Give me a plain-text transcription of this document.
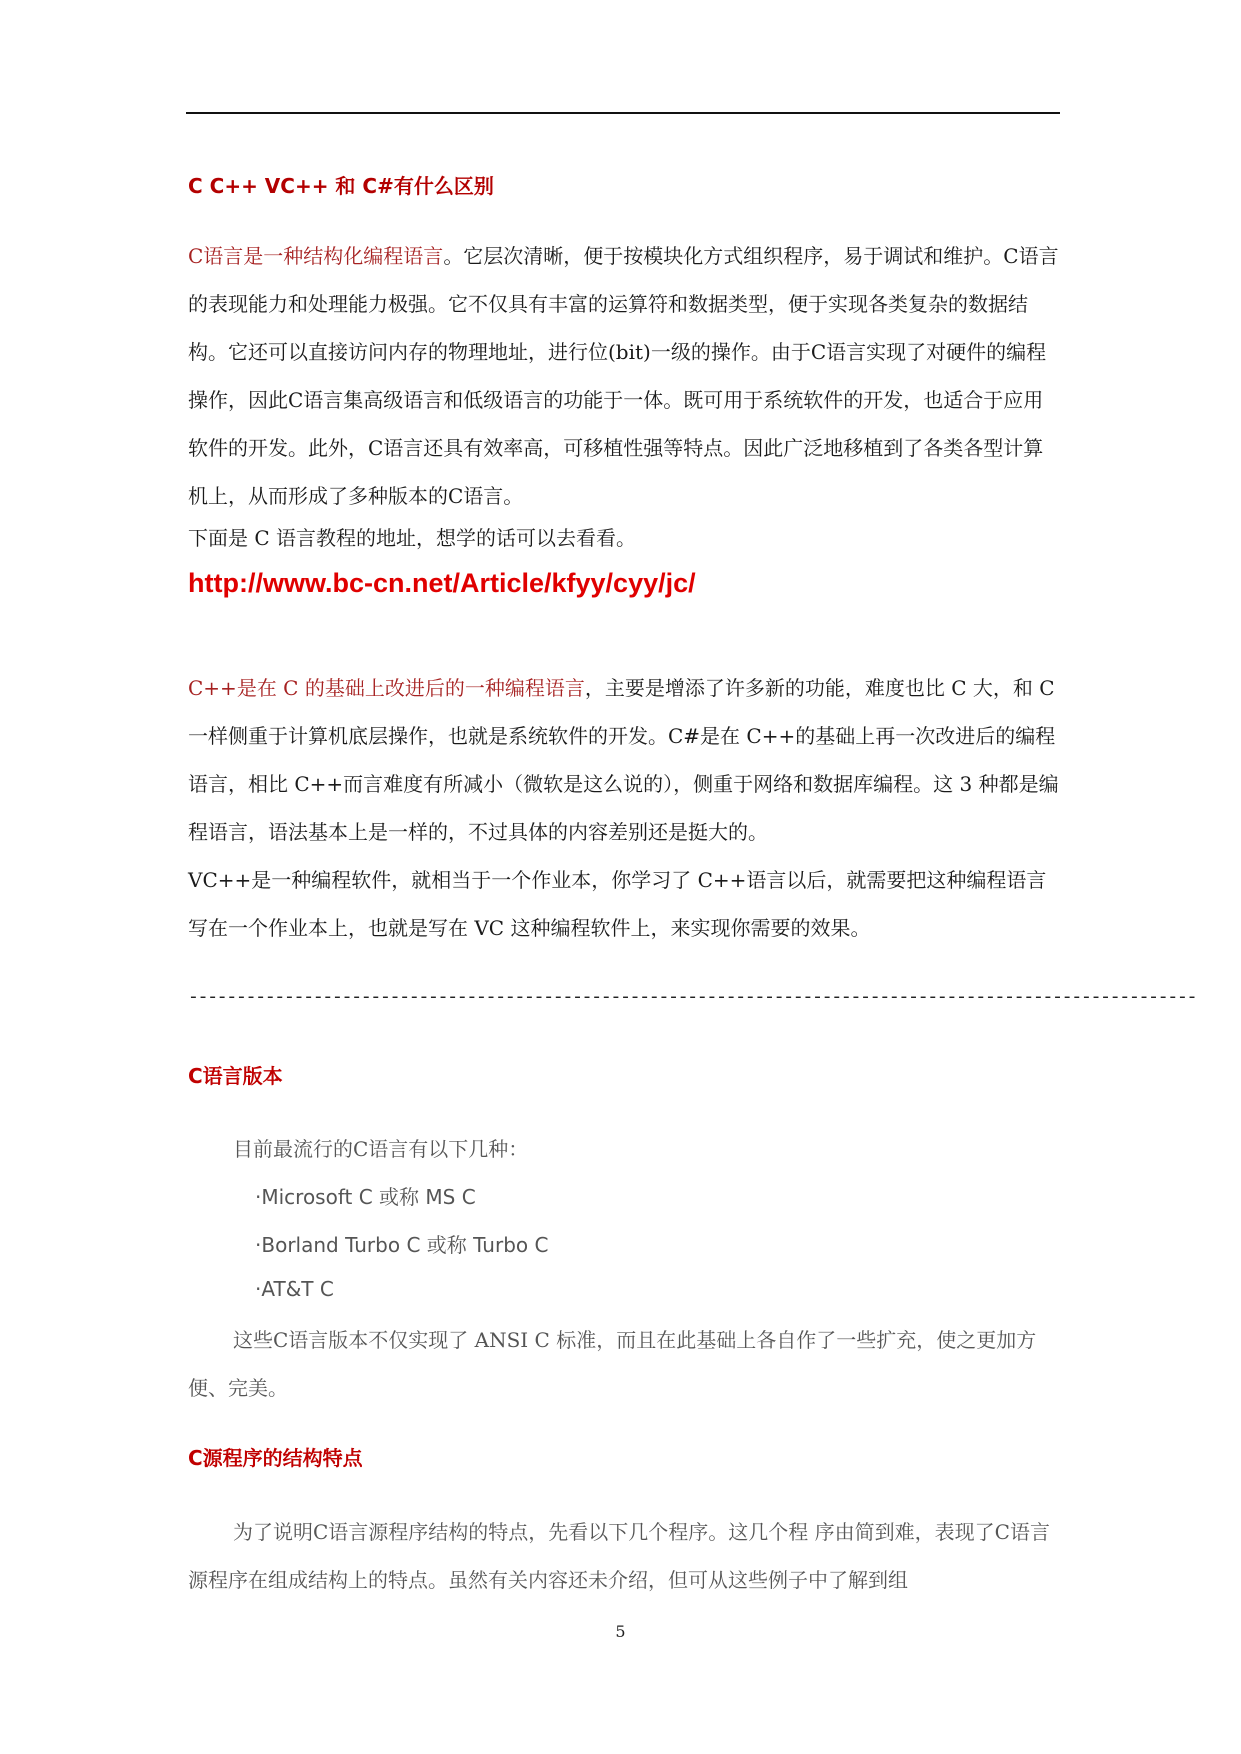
C C++ VC++ 和 C#有什么区别
C语言是一种结构化编程语言。它层次清晰，便于按模块化方式组织程序，易于调试和维护。C语言的表现能力和处理能力极强。它不仅具有丰富的运算符和数据类型，便于实现各类复杂的数据结构。它还可以直接访问内存的物理地址，进行位(bit)一级的操作。由于C语言实现了对硬件的编程操作，因此C语言集高级语言和低级语言的功能于一体。既可用于系统软件的开发，也适合于应用软件的开发。此外，C语言还具有效率高，可移植性强等特点。因此广泛地移植到了各类各型计算机上，从而形成了多种版本的C语言。
下面是 C 语言教程的地址，想学的话可以去看看。
http://www.bc-cn.net/Article/kfyy/cyy/jc/
C++是在 C 的基础上改进后的一种编程语言，主要是增添了许多新的功能，难度也比 C 大，和 C 一样侧重于计算机底层操作，也就是系统软件的开发。C#是在 C++的基础上再一次改进后的编程语言，相比 C++而言难度有所减小（微软是这么说的），侧重于网络和数据库编程。这 3 种都是编程语言，语法基本上是一样的，不过具体的内容差别还是挺大的。
VC++是一种编程软件，就相当于一个作业本，你学习了 C++语言以后，就需要把这种编程语言写在一个作业本上，也就是写在 VC 这种编程软件上，来实现你需要的效果。
---------------------------------------------------------------------------------------------------------
C语言版本
目前最流行的C语言有以下几种：
·Microsoft C 或称 MS C
·Borland Turbo C 或称 Turbo C
·AT&T C
这些C语言版本不仅实现了 ANSI C 标准，而且在此基础上各自作了一些扩充，使之更加方便、完美。
C源程序的结构特点
为了说明C语言源程序结构的特点，先看以下几个程序。这几个程 序由简到难，表现了C语言源程序在组成结构上的特点。虽然有关内容还未介绍，但可从这些例子中了解到组
5
